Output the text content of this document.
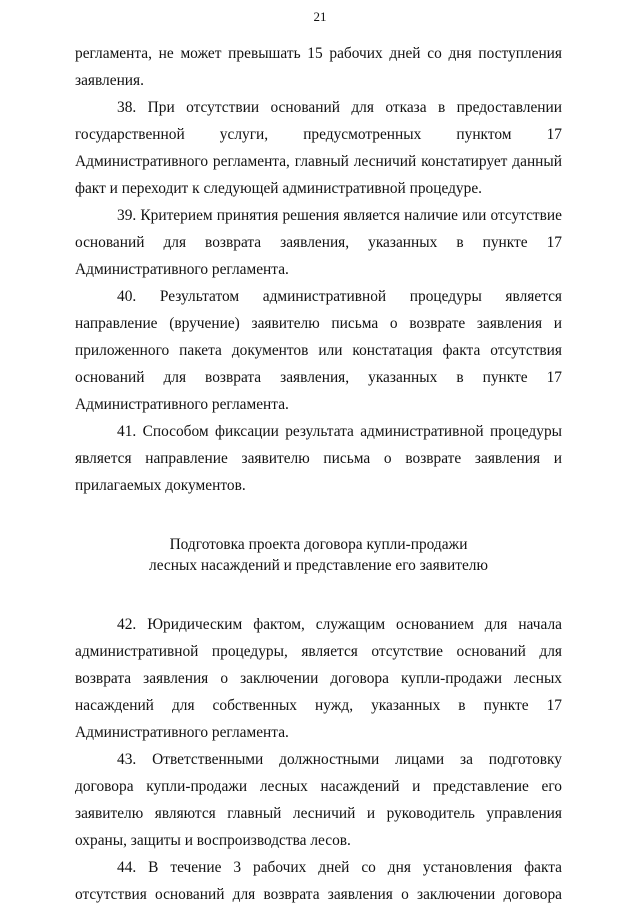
21

регламента, не может превышать 15 рабочих дней со дня поступления заявления.

38. При отсутствии оснований для отказа в предоставлении государственной услуги, предусмотренных пунктом 17 Административного регламента, главный лесничий констатирует данный факт и переходит к следующей административной процедуре.

39. Критерием принятия решения является наличие или отсутствие оснований для возврата заявления, указанных в пункте 17 Административного регламента.

40. Результатом административной процедуры является направление (вручение) заявителю письма о возврате заявления и приложенного пакета документов или констатация факта отсутствия оснований для возврата заявления, указанных в пункте 17 Административного регламента.

41. Способом фиксации результата административной процедуры является направление заявителю письма о возврате заявления и прилагаемых документов.

Подготовка проекта договора купли-продажи
лесных насаждений и представление его заявителю

42. Юридическим фактом, служащим основанием для начала административной процедуры, является отсутствие оснований для возврата заявления о заключении договора купли-продажи лесных насаждений для собственных нужд, указанных в пункте 17 Административного регламента.

43. Ответственными должностными лицами за подготовку договора купли-продажи лесных насаждений и представление его заявителю являются главный лесничий и руководитель управления охраны, защиты и воспроизводства лесов.

44. В течение 3 рабочих дней со дня установления факта отсутствия оснований для возврата заявления о заключении договора
